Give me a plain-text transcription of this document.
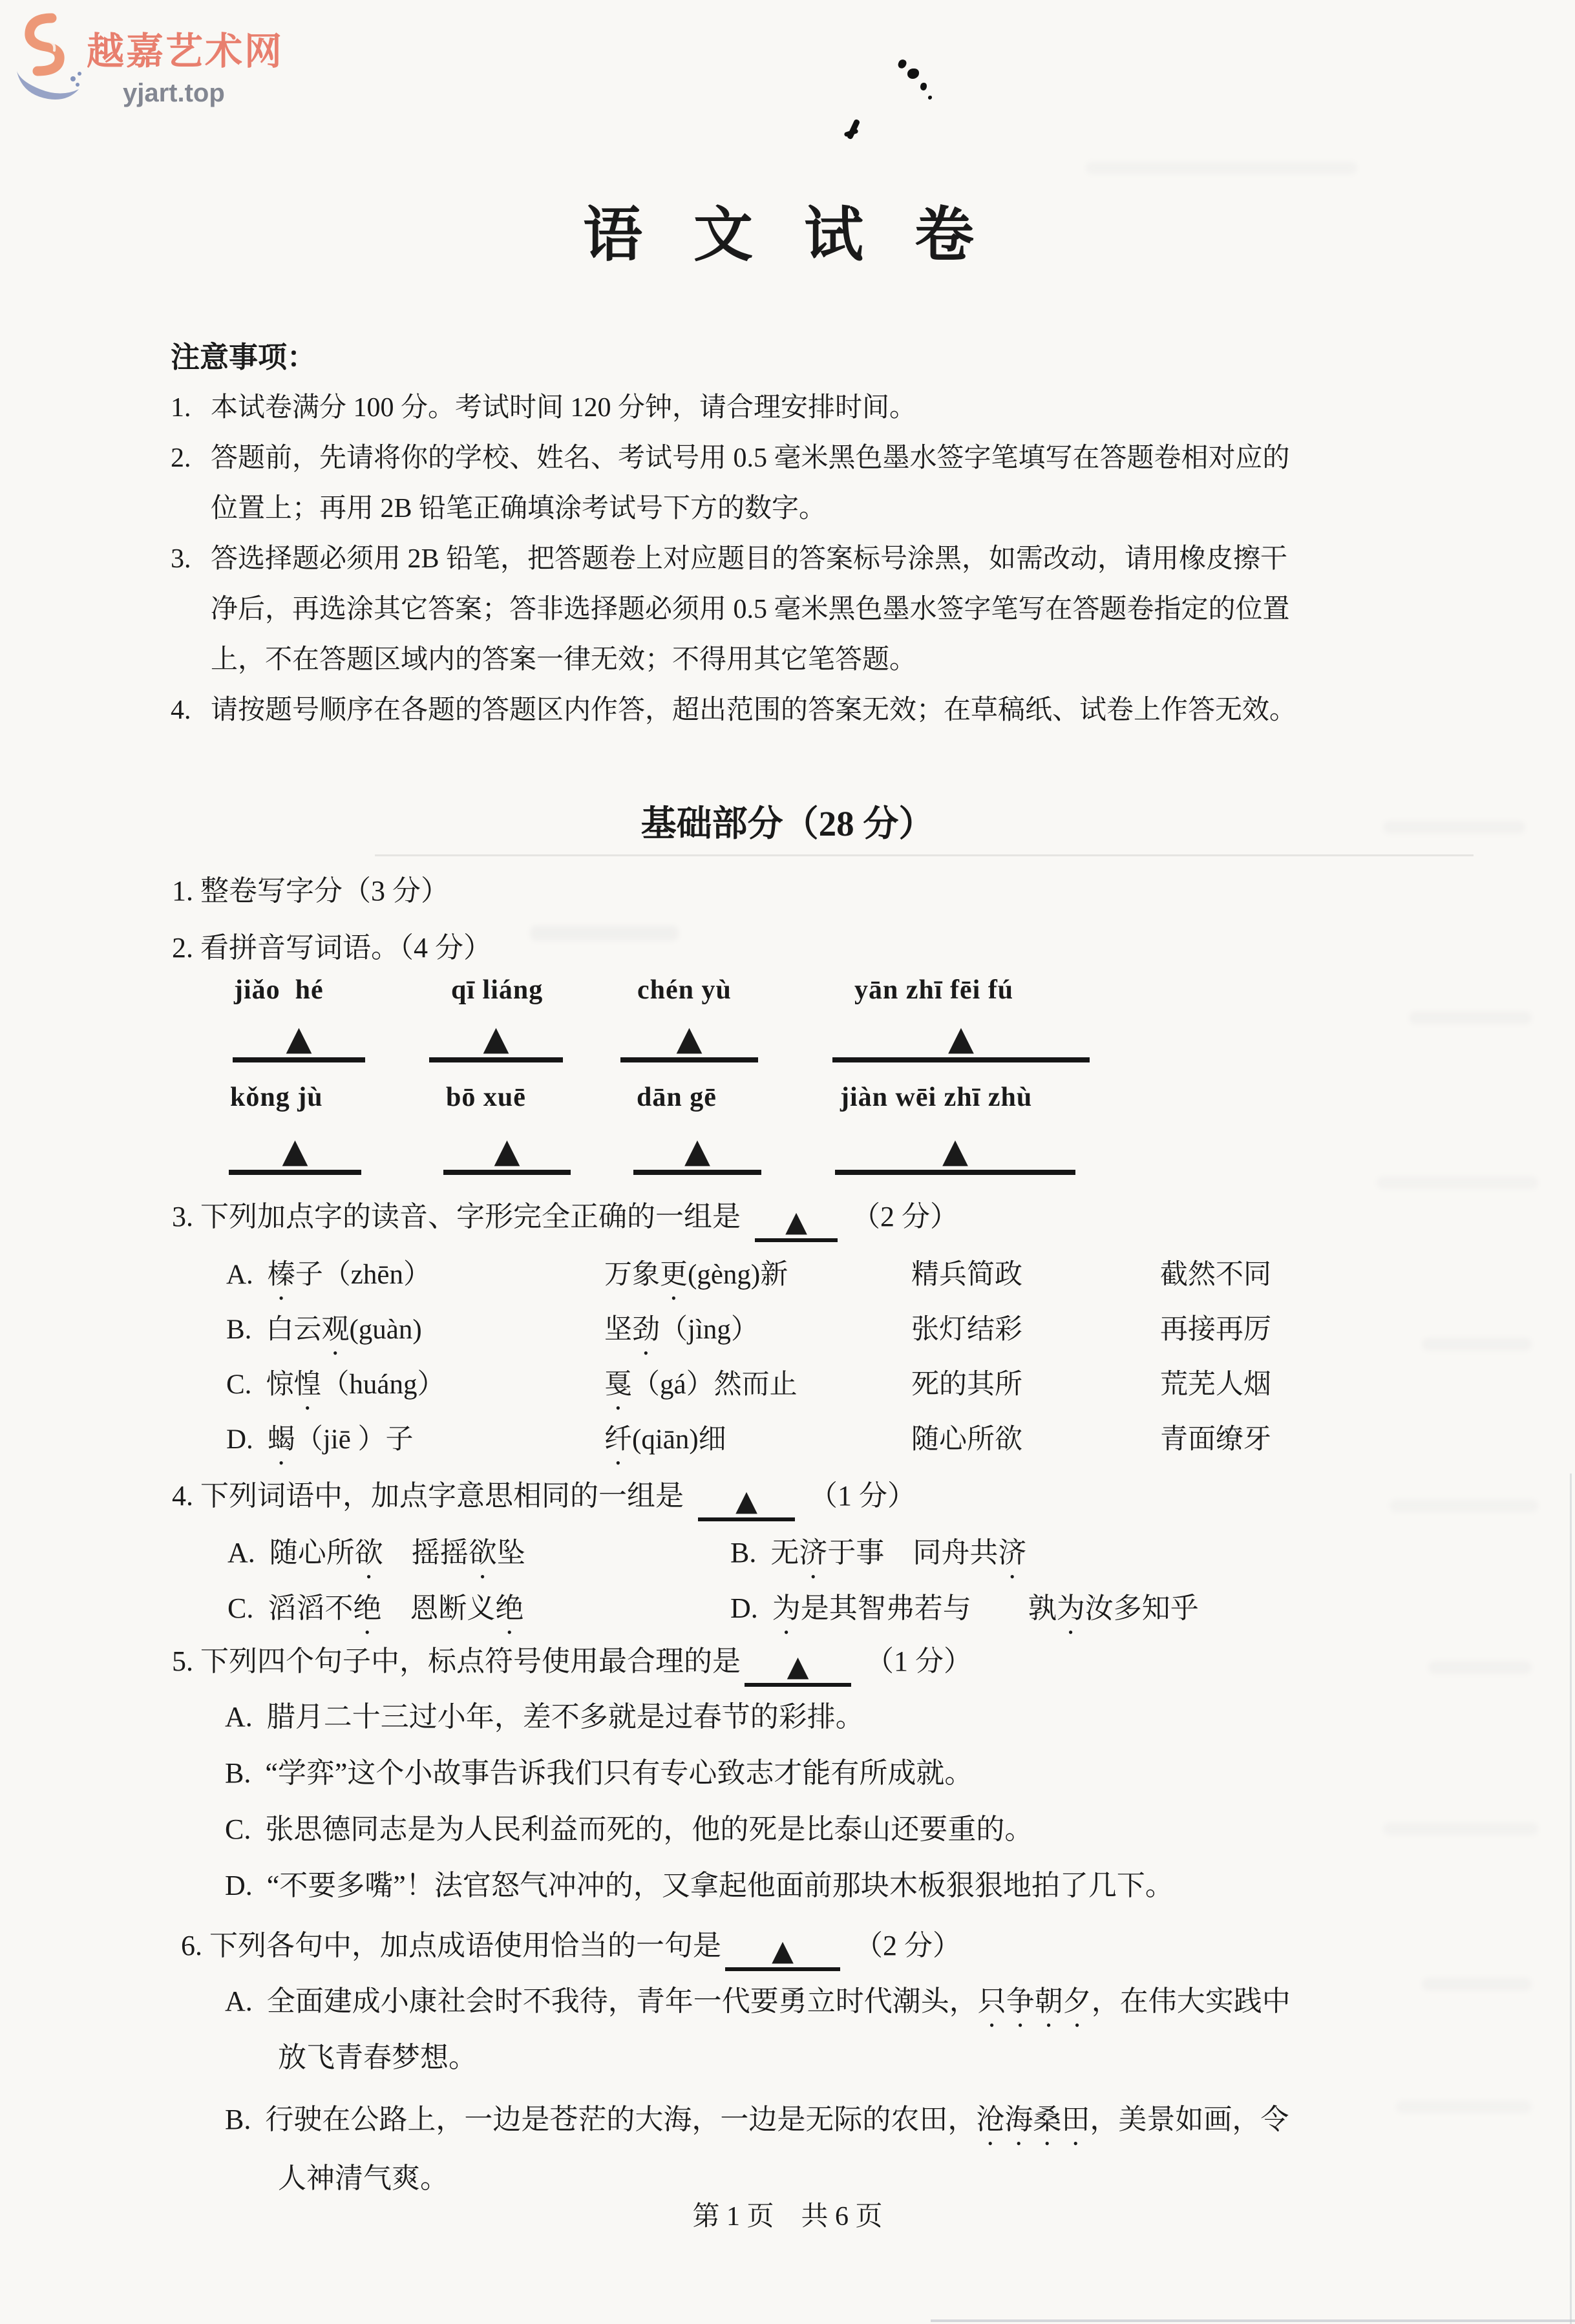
越嘉艺术网
yjart.top
语 文 试 卷
注意事项：
1. 本试卷满分 100 分。考试时间 120 分钟，请合理安排时间。
2. 答题前，先请将你的学校、姓名、考试号用 0.5 毫米黑色墨水签字笔填写在答题卷相对应的
位置上；再用 2B 铅笔正确填涂考试号下方的数字。
3. 答选择题必须用 2B 铅笔，把答题卷上对应题目的答案标号涂黑，如需改动，请用橡皮擦干
净后，再选涂其它答案；答非选择题必须用 0.5 毫米黑色墨水签字笔写在答题卷指定的位置
上，不在答题区域内的答案一律无效；不得用其它笔答题。
4. 请按题号顺序在各题的答题区内作答，超出范围的答案无效；在草稿纸、试卷上作答无效。
基础部分（28 分）
1. 整卷写字分（3 分）
2. 看拼音写词语。（4 分）
jiǎo  hé	qī liáng	chén yù	yān zhī fēi fú
▲	▲	▲	▲
kǒng jù	bō xuē	dān gē	jiàn wēi zhī zhù
▲	▲	▲	▲
3. 下列加点字的读音、字形完全正确的一组是 ▲ （2 分）
A. 榛子（zhēn）	万象更(gèng)新	精兵简政	截然不同
B. 白云观(guàn)	坚劲（jìng）	张灯结彩	再接再厉
C. 惊惶（huáng）	戛（gá）然而止	死的其所	荒芜人烟
D. 蝎（jiē ）子	纤(qiān)细	随心所欲	青面缭牙
4. 下列词语中，加点字意思相同的一组是 ▲ （1 分）
A. 随心所欲　摇摇欲坠	B. 无济于事　同舟共济
C. 滔滔不绝　恩断义绝	D. 为是其智弗若与　　孰为汝多知乎
5. 下列四个句子中，标点符号使用最合理的是 ▲ （1 分）
A. 腊月二十三过小年，差不多就是过春节的彩排。
B. “学弈”这个小故事告诉我们只有专心致志才能有所成就。
C. 张思德同志是为人民利益而死的，他的死是比泰山还要重的。
D. “不要多嘴”！法官怒气冲冲的，又拿起他面前那块木板狠狠地拍了几下。
6. 下列各句中，加点成语使用恰当的一句是 ▲ （2 分）
A. 全面建成小康社会时不我待，青年一代要勇立时代潮头，只争朝夕，在伟大实践中
放飞青春梦想。
B. 行驶在公路上，一边是苍茫的大海，一边是无际的农田，沧海桑田，美景如画，令
人神清气爽。
第 1 页　共 6 页
